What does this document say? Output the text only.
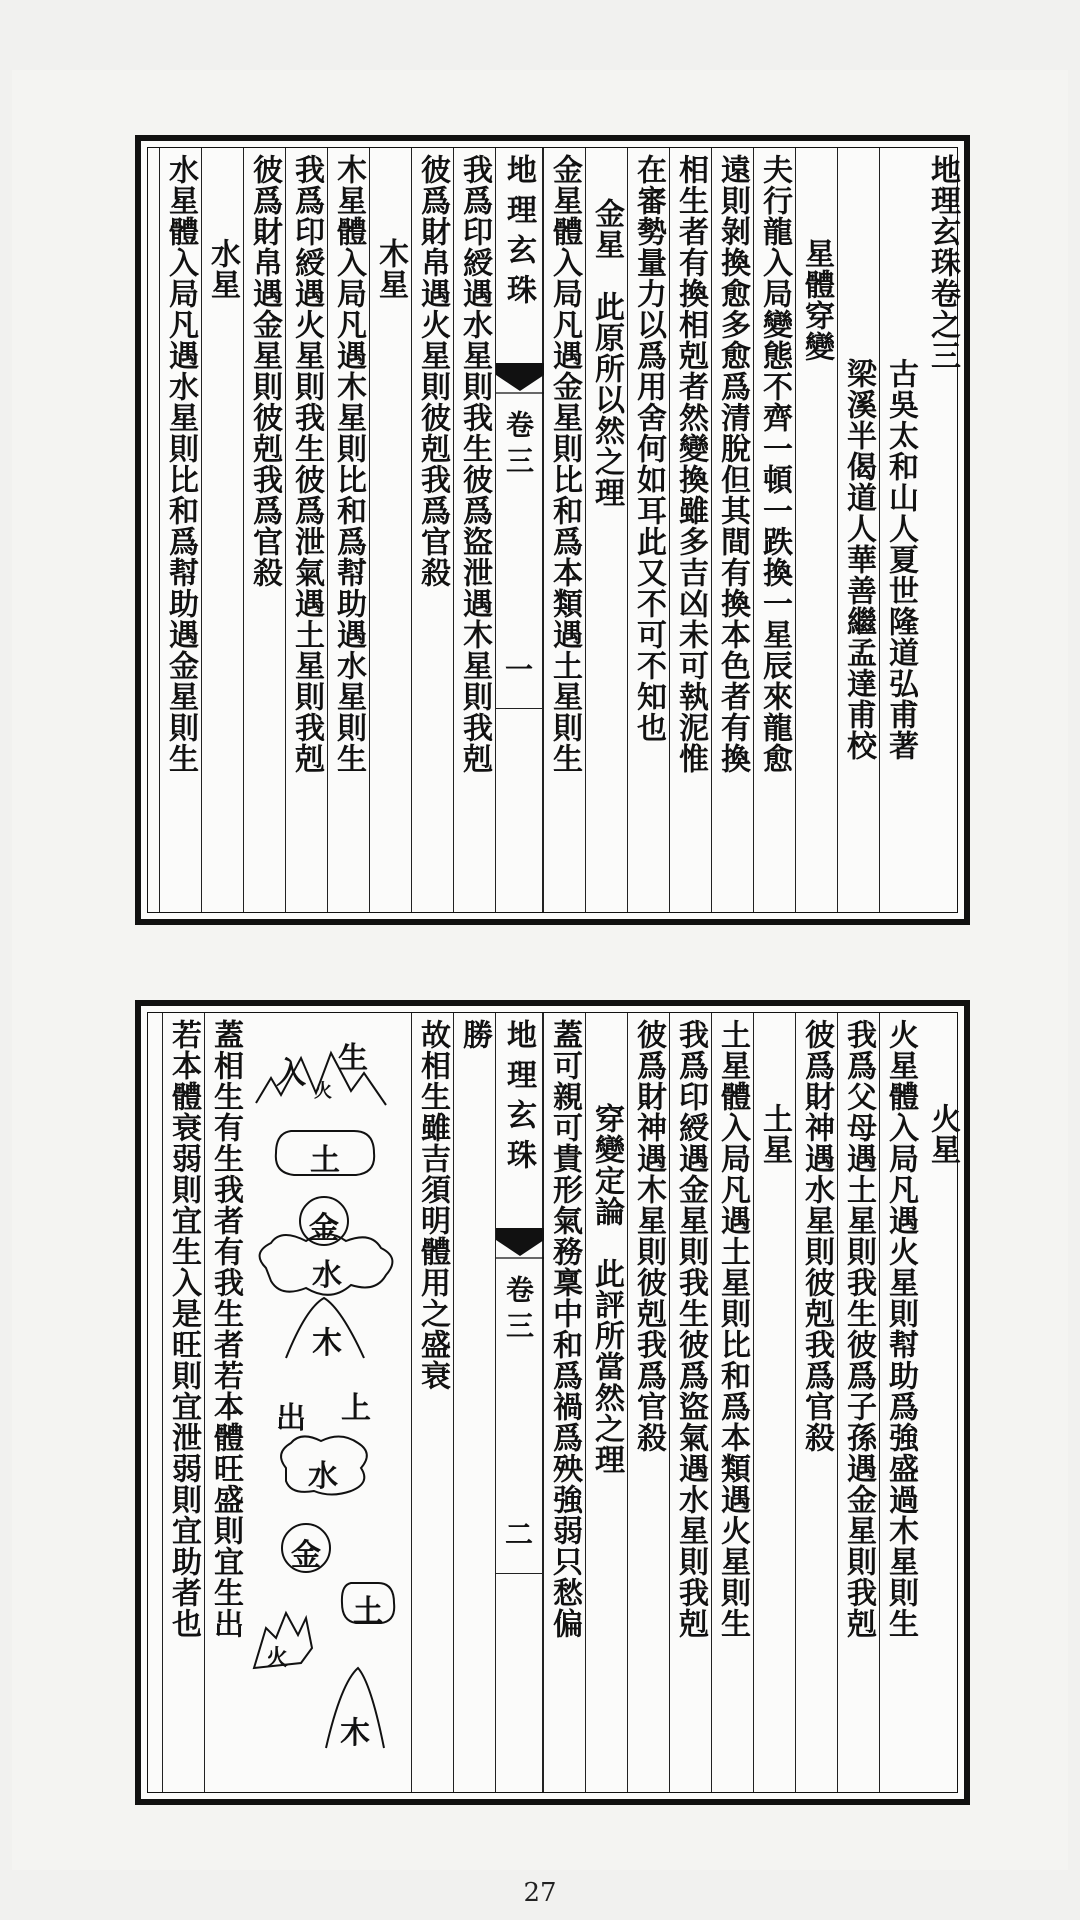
地理玄珠卷之三
古吳太和山人夏世隆道弘甫著
梁溪半偈道人華善繼孟達甫校
星體穿變
夫行龍入局變態不齊一頓一跌換一星辰來龍愈
遠則剝換愈多愈爲清脫但其間有換本色者有換
相生者有換相剋者然變換雖多吉凶未可執泥惟
在審勢量力以爲用舍何如耳此又不可不知也
金星　此原所以然之理
金星體入局凡遇金星則比和爲本類遇土星則生
地理玄珠
卷三
一
我爲印綬遇水星則我生彼爲盜泄遇木星則我剋
彼爲財帛遇火星則彼剋我爲官殺
木星
木星體入局凡遇木星則比和爲幇助遇水星則生
我爲印綬遇火星則我生彼爲泄氣遇土星則我剋
彼爲財帛遇金星則彼剋我爲官殺
水星
水星體入局凡遇水星則比和爲幇助遇金星則生
火星
火星體入局凡遇火星則幇助爲強盛過木星則生
我爲父母遇土星則我生彼爲子孫遇金星則我剋
彼爲財神遇水星則彼剋我爲官殺
土星
土星體入局凡遇土星則比和爲本類遇火星則生
我爲印綬遇金星則我生彼爲盜氣遇水星則我剋
彼爲財神遇木星則彼剋我爲官殺
穿變定論　此評所當然之理
蓋可親可貴形氣務稟中和爲禍爲殃強弱只愁偏
地理玄珠
卷三
二
勝
故相生雖吉須明體用之盛衰
生
入
火
土
金
水
木
上
出
水
金
土
火
木
蓋相生有生我者有我生者若本體旺盛則宜生出
若本體衰弱則宜生入是旺則宜泄弱則宜助者也
27
